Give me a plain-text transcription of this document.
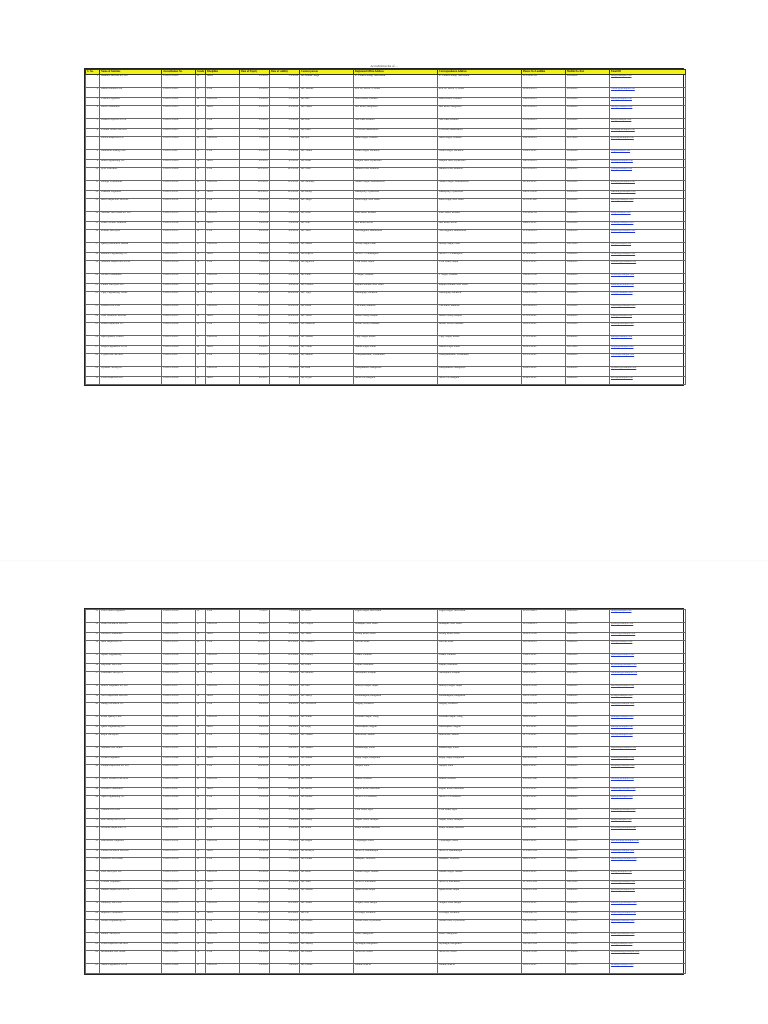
Accreditation list of ...
S. No.	Name of Institute	Accreditation No.	Grade	Discipline	Date of Expiry	Date of validity	Contact person	Registered Office Address	Correspondence Address	Phone No./Landline	Mobile No./Fax	Email ID
1	Alliance Services Pvt Ltd	1-4/2015/1000	A	Mech	1/1/2015	1/1/2018	Mr. Kumar Singh	27 Lodhi Colony, New Delhi	27 Lodhi Colony, New Delhi	011-2456789	98110000	info@example.com
2	Bharat Infratech Ltd	1-4/2015/1001	B	Civil	2/1/2015	2/1/2018	Mr. Sharma	Plot 12, Sector 5, Noida	Plot 12, Sector 5, Noida	0120-245678	98120000	contact@example.com
3	Coastal Engineers	1-4/2015/1002	A	Electrical	3/1/2015	3/1/2018	Mr. Rao	Beach Road, Chennai	Beach Road, Chennai	044-2345678	98130000	mail@example.com
4	Delta Consultants	1-4/2015/1003	A	Mech	4/1/2015	4/1/2018	Ms. Gupta	MG Road, Bengaluru	MG Road, Bengaluru	080-2345678	98140000	delta@example.com
5	Eastern Projects Pvt Ltd	1-4/2015/1004	B	Civil	5/1/2015	5/1/2018	Mr. Das	Salt Lake, Kolkata	Salt Lake, Kolkata	033-2345678	98150000	east@example.com
6	Fortune Techno Services	1-4/2015/1005	A	Mech	6/1/2015	6/1/2018	Mr. Patel	CG Road, Ahmedabad	CG Road, Ahmedabad	079-2345678	98160000	fortune@example.com
7	Global Inspection Co.	1-4/2015/1006	A	Electrical	7/1/2015	7/1/2018	Mr. Iyer	Anna Nagar, Chennai	Anna Nagar, Chennai	044-2654321	98170000	global@example.com
8	Hindustan Testing Labs	1-4/2015/1007	B	Civil	8/1/2015	8/1/2018	Mr. Verma	Gomti Nagar, Lucknow	Gomti Nagar, Lucknow	0522-234567	98180000	htl@example.com
9	Indus Engineering Ltd	1-4/2015/1008	A	Mech	9/1/2015	9/1/2018	Mr. Khan	Banjara Hills, Hyderabad	Banjara Hills, Hyderabad	040-2345678	98190000	indus@example.com
10	Jyoti Structures	1-4/2015/1009	A	Civil	10/1/2015	10/1/2018	Mr. Joshi	Andheri East, Mumbai	Andheri East, Mumbai	022-2345678	98200000	jyoti@example.com
11	Kalinga Consultants	1-4/2015/1010	B	Electrical	11/1/2015	11/1/2018	Mr. Mohanty	Saheed Nagar, Bhubaneswar	Saheed Nagar, Bhubaneswar	0674-234567	98210000	kalinga@example.com
12	Lakshmi Engineers	1-4/2015/1011	A	Mech	12/1/2015	12/1/2018	Mr. Reddy	Kukatpally, Hyderabad	Kukatpally, Hyderabad	040-2765432	98220000	lakshmi@example.com
13	Metro Inspection Services	1-4/2015/1012	A	Civil	1/2/2016	1/2/2019	Mr. Singh	Karol Bagh, New Delhi	Karol Bagh, New Delhi	011-2567890	98230000	metro@example.com
14	National Test House Pvt Ltd	1-4/2015/1013	B	Electrical	2/2/2016	2/2/2019	Mr. Bose	Park Street, Kolkata	Park Street, Kolkata	033-2456789	98240000	nth@example.com
15	Orient Techno Solutions	1-4/2015/1014	A	Mech	3/2/2016	3/2/2019	Mr. Nair	MG Road, Kochi	MG Road, Kochi	0484-234567	98250000	orient@example.com
16	Pioneer Surveyors	1-4/2015/1015	A	Civil	4/2/2016	4/2/2019	Mr. Shah	Navrangpura, Ahmedabad	Navrangpura, Ahmedabad	079-2654321	98260000	pioneer@example.com
17	Quality Assurance Bureau	1-4/2015/1016	B	Electrical	5/2/2016	5/2/2019	Mr. Mehta	Shivaji Nagar, Pune	Shivaji Nagar, Pune	020-2345678	98270000	qab@example.com
18	Reliable Engineering Co.	1-4/2015/1017	A	Mech	6/2/2016	6/2/2019	Mr. Kapoor	Sector 17, Chandigarh	Sector 17, Chandigarh	0172-234567	98280000	reliable@example.com
19	Standard Inspection Pvt Ltd	1-4/2015/1018	A	Civil	7/2/2016	7/2/2019	Mr. Agarwal	Civil Lines, Jaipur	Civil Lines, Jaipur	0141-234567	98290000	standard@example.com
20	Techno Consultants	1-4/2015/1019	B	Electrical	8/2/2016	8/2/2019	Mr. Pillai	T Nagar, Chennai	T Nagar, Chennai	044-2876543	98300000	techno@example.com
21	United Surveyors Ltd	1-4/2015/1020	A	Mech	9/2/2016	9/2/2019	Mr. Chawla	Rajouri Garden, New Delhi	Rajouri Garden, New Delhi	011-2678901	98310000	united@example.com
22	Vijay Engineering Works	1-4/2015/1021	A	Civil	10/2/2016	10/2/2019	Mr. Vijay	Hazratganj, Lucknow	Hazratganj, Lucknow	0522-276543	98320000	vijay@example.com
23	Western Test Labs	1-4/2015/1022	B	Electrical	11/2/2016	11/2/2019	Mr. Desai	Vile Parle, Mumbai	Vile Parle, Mumbai	022-2654321	98330000	western@example.com
24	Yash Technical Services	1-4/2015/1023	A	Mech	12/2/2016	12/2/2019	Mr. Yadav	Arera Colony, Bhopal	Arera Colony, Bhopal	0755-234567	98340000	yash@example.com
25	Zenith Inspection Co.	1-4/2015/1024	A	Civil	1/3/2017	1/3/2020	Mr. Malhotra	Model Town, Ludhiana	Model Town, Ludhiana	0161-234567	98350000	zenith@example.com
26	Apex Quality Control	1-4/2015/1025	B	Electrical	2/3/2017	2/3/2020	Mr. Saxena	Vijay Nagar, Indore	Vijay Nagar, Indore	0731-234567	98360000	apex@example.com
27	Bright Engineers Pvt Ltd	1-4/2015/1026	A	Mech	3/3/2017	3/3/2020	Mr. Tiwari	Ashok Nagar, Patna	Ashok Nagar, Patna	0612-234567	98370000	bright@example.com
28	Crystal Test Services	1-4/2015/1027	A	Civil	4/3/2017	4/3/2020	Mr. Menon	Vellayambalam, Trivandrum	Vellayambalam, Trivandrum	0471-234567	98380000	crystal@example.com
29	Dynamic Surveyors	1-4/2015/1028	B	Electrical	5/3/2017	5/3/2020	Mr. Bhat	Hampankatta, Mangalore	Hampankatta, Mangalore	0824-234567	98390000	dynamic@example.com
30	Excel Inspection Ltd	1-4/2015/1029	A	Mech	6/3/2017	6/3/2020	Mr. Goyal	Sector 14, Gurgaon	Sector 14, Gurgaon	0124-234567	98400000	excel@example.com
31	First Choice Engineers	1-4/2015/1030	A	Civil	7/3/2017	7/3/2020	Mr. Arora	Lajpat Nagar, New Delhi	Lajpat Nagar, New Delhi	011-2789012	98410000	first@example.com
32	Grand Technical Services	1-4/2015/1031	B	Electrical	8/3/2017	8/3/2020	Mr. Chopra	Janakpuri, New Delhi	Janakpuri, New Delhi	011-2890123	98420000	grand@example.com
33	Horizon Consultants	1-4/2015/1032	A	Mech	9/3/2017	9/3/2020	Mr. Sinha	Boring Road, Patna	Boring Road, Patna	0612-276543	98430000	horizon@example.com
34	Ideal Inspection Co.	1-4/2015/1033	A	Civil	10/3/2017	10/3/2020	Mr. Kulkarni	Deccan, Pune	Deccan, Pune	020-2654321	98440000	ideal@example.com
35	Jupiter Engineering	1-4/2015/1034	B	Electrical	11/3/2017	11/3/2020	Mr. Pandey	Lanka, Varanasi	Lanka, Varanasi	0542-234567	98450000	jupiter@example.com
36	Keystone Test Labs	1-4/2015/1035	A	Mech	12/3/2017	12/3/2020	Mr. Dutta	Dispur, Guwahati	Dispur, Guwahati	0361-234567	98460000	keystone@example.com
37	Landmark Surveyors	1-4/2015/1036	A	Civil	1/4/2018	1/4/2021	Mr. Rathore	Sardarpura, Jodhpur	Sardarpura, Jodhpur	0291-234567	98470000	landmark@example.com
38	Matrix Engineers Pvt Ltd	1-4/2015/1037	B	Electrical	2/4/2018	2/4/2021	Mr. Jain	Malviya Nagar, Jaipur	Malviya Nagar, Jaipur	0141-276543	98480000	matrix@example.com
39	Nova Inspection Services	1-4/2015/1038	A	Mech	3/4/2018	3/4/2021	Mr. Shetty	Koramangala, Bengaluru	Koramangala, Bengaluru	080-2765432	98490000	nova@example.com
40	Omega Technical Co.	1-4/2015/1039	A	Civil	4/4/2018	4/4/2021	Mr. Srivastava	Aliganj, Lucknow	Aliganj, Lucknow	0522-287654	98500000	omega@example.com
41	Prime Quality Labs	1-4/2015/1040	B	Electrical	5/4/2018	5/4/2021	Mr. Naidu	Dwaraka Nagar, Vizag	Dwaraka Nagar, Vizag	0891-234567	98510000	prime@example.com
42	Quest Engineering Ltd	1-4/2015/1041	A	Mech	6/4/2018	6/4/2021	Mr. Bajaj	Dharampeth, Nagpur	Dharampeth, Nagpur	0712-234567	98520000	quest@example.com
43	Royal Surveyors	1-4/2015/1042	A	Civil	7/4/2018	7/4/2021	Mr. Thakur	Mall Road, Shimla	Mall Road, Shimla	0177-234567	98530000	royal@example.com
44	Supreme Test House	1-4/2015/1043	B	Electrical	8/4/2018	8/4/2021	Mr. Mishra	Kankarbagh, Patna	Kankarbagh, Patna	0612-287654	98540000	supreme@example.com
45	Trident Engineers	1-4/2015/1044	A	Mech	9/4/2018	9/4/2021	Mr. Kumar	Rajaji Nagar, Bengaluru	Rajaji Nagar, Bengaluru	080-2876543	98550000	trident@example.com
46	Unique Inspection Pvt Ltd	1-4/2015/1045	A	Civil	10/4/2018	10/4/2021	Mr. Soni	Adajan, Surat	Adajan, Surat	0261-234567	98560000	unique@example.com
47	Vertex Technical Services	1-4/2015/1046	B	Electrical	11/4/2018	11/4/2021	Mr. Ghosh	Behala, Kolkata	Behala, Kolkata	033-2567890	98570000	vertex@example.com
48	Wisdom Consultants	1-4/2015/1047	A	Mech	12/4/2018	12/4/2021	Mr. Rawat	Rajpur Road, Dehradun	Rajpur Road, Dehradun	0135-234567	98580000	wisdom@example.com
49	Xpert Engineering Co.	1-4/2015/1048	A	Civil	1/5/2019	1/5/2022	Mr. Bansal	Sector 15, Faridabad	Sector 15, Faridabad	0129-234567	98590000	xpert@example.com
50	Yamuna Test Labs	1-4/2015/1049	B	Electrical	2/5/2019	2/5/2022	Mr. Chauhan	Civil Lines, Agra	Civil Lines, Agra	0562-234567	98600000	yamuna@example.com
51	Zeal Surveyors Pvt Ltd	1-4/2015/1050	A	Mech	3/5/2019	3/5/2022	Mr. Dubey	Napier Town, Jabalpur	Napier Town, Jabalpur	0761-234567	98610000	zeal@example.com
52	Accurate Inspection Co.	1-4/2015/1051	A	Civil	4/5/2019	4/5/2022	Mr. Kohli	Ranjit Avenue, Amritsar	Ranjit Avenue, Amritsar	0183-234567	98620000	accurate@example.com
53	Benchmark Engineers	1-4/2015/1052	B	Electrical	5/5/2019	5/5/2022	Mr. Hegde	Vidyanagar, Hubli	Vidyanagar, Hubli	0836-234567	98630000	benchmark@example.com
54	Citadel Technical Services	1-4/2015/1053	A	Mech	6/5/2019	6/5/2022	Mr. Acharya	Sector 8, Gandhinagar	Sector 8, Gandhinagar	079-2987654	98640000	citadel@example.com
55	Diamond Test House	1-4/2015/1054	A	Civil	7/5/2019	7/5/2022	Mr. Parikh	Alkapuri, Vadodara	Alkapuri, Vadodara	0265-234567	98650000	diamond@example.com
56	Elite Surveyors Ltd	1-4/2015/1055	B	Electrical	8/5/2019	8/5/2022	Mr. Rana	Gandhi Nagar, Jammu	Gandhi Nagar, Jammu	0191-234567	98660000	elite@example.com
57	Frontier Engineers	1-4/2015/1056	A	Mech	9/5/2019	9/5/2022	Mr. Sethi	Sector 9, Panchkula	Sector 9, Panchkula	0172-287654	98670000	frontier@example.com
58	Genesis Inspection Pvt Ltd	1-4/2015/1057	A	Civil	10/5/2019	10/5/2022	Mr. Mathur	Ajmer Road, Jaipur	Ajmer Road, Jaipur	0141-287654	98680000	genesis@example.com
59	Harmony Test Labs	1-4/2015/1058	B	Electrical	11/5/2019	11/5/2022	Mr. Sarkar	Siliguri, West Bengal	Siliguri, West Bengal	0353-234567	98690000	harmony@example.com
60	Imperial Consultants	1-4/2015/1059	A	Mech	12/5/2019	12/5/2022	Mr. Lal	Lal Bagh, Lucknow	Lal Bagh, Lucknow	0522-298765	98700000	imperial@example.com
61	Jubilee Engineering Co.	1-4/2015/1060	A	Civil	1/6/2020	1/6/2023	Mr. Prasad	Jubilee Hills, Hyderabad	Jubilee Hills, Hyderabad	040-2876543	98710000	jubilee@example.com
62	Kinetic Surveyors	1-4/2015/1061	B	Electrical	2/6/2020	2/6/2023	Mr. Kamath	Kadri, Mangalore	Kadri, Mangalore	0824-276543	98720000	kinetic@example.com
63	Lotus Inspection Services	1-4/2015/1062	A	Mech	3/6/2020	3/6/2023	Mr. Murthy	Jayanagar, Bengaluru	Jayanagar, Bengaluru	080-2987654	98730000	lotus@example.com
64	Millennium Test House	1-4/2015/1063	A	Civil	4/6/2020	4/6/2023	Mr. Bhatia	Sector 62, Noida	Sector 62, Noida	0120-276543	98740000	millennium@example.com
65	Nexus Engineers Pvt Ltd	1-4/2015/1064	B	Electrical	5/6/2020	5/6/2023	Mr. Pathak	Harmu, Ranchi	Harmu, Ranchi	0651-234567	98750000	nexus@example.com
